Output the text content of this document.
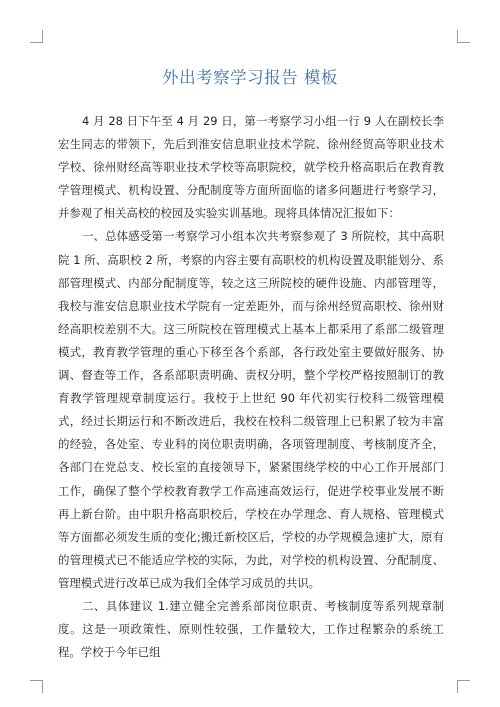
外出考察学习报告 模板

4 月 28 日下午至 4 月 29 日，第一考察学习小组一行 9 人在副校长李宏生同志的带领下，先后到淮安信息职业技术学院、徐州经贸高等职业技术学校、徐州财经高等职业技术学校等高职院校，就学校升格高职后在教育教学管理模式、机构设置、分配制度等方面所面临的诸多问题进行考察学习，并参观了相关高校的校园及实验实训基地。现将具体情况汇报如下：

一、总体感受第一考察学习小组本次共考察参观了 3 所院校，其中高职院 1 所、高职校 2 所，考察的内容主要有高职校的机构设置及职能划分、系部管理模式、内部分配制度等，较之这三所院校的硬件设施、内部管理等，我校与淮安信息职业技术学院有一定差距外，而与徐州经贸高职校、徐州财经高职校差别不大。这三所院校在管理模式上基本上都采用了系部二级管理模式，教育教学管理的重心下移至各个系部，各行政处室主要做好服务、协调、督查等工作，各系部职责明确、责权分明，整个学校严格按照制订的教育教学管理规章制度运行。我校于上世纪 90 年代初实行校科二级管理模式，经过长期运行和不断改进后，我校在校科二级管理上已积累了较为丰富的经验，各处室、专业科的岗位职责明确，各项管理制度、考核制度齐全，各部门在党总支、校长室的直接领导下，紧紧围绕学校的中心工作开展部门工作，确保了整个学校教育教学工作高速高效运行，促进学校事业发展不断再上新台阶。由中职升格高职校后，学校在办学理念、育人规格、管理模式等方面都必须发生质的变化;搬迁新校区后，学校的办学规模急速扩大，原有的管理模式已不能适应学校的实际，为此，对学校的机构设置、分配制度、管理模式进行改革已成为我们全体学习成员的共识。

二、具体建议 1.建立健全完善系部岗位职责、考核制度等系列规章制度。这是一项政策性、原则性较强，工作量较大，工作过程繁杂的系统工程。学校于今年已组
